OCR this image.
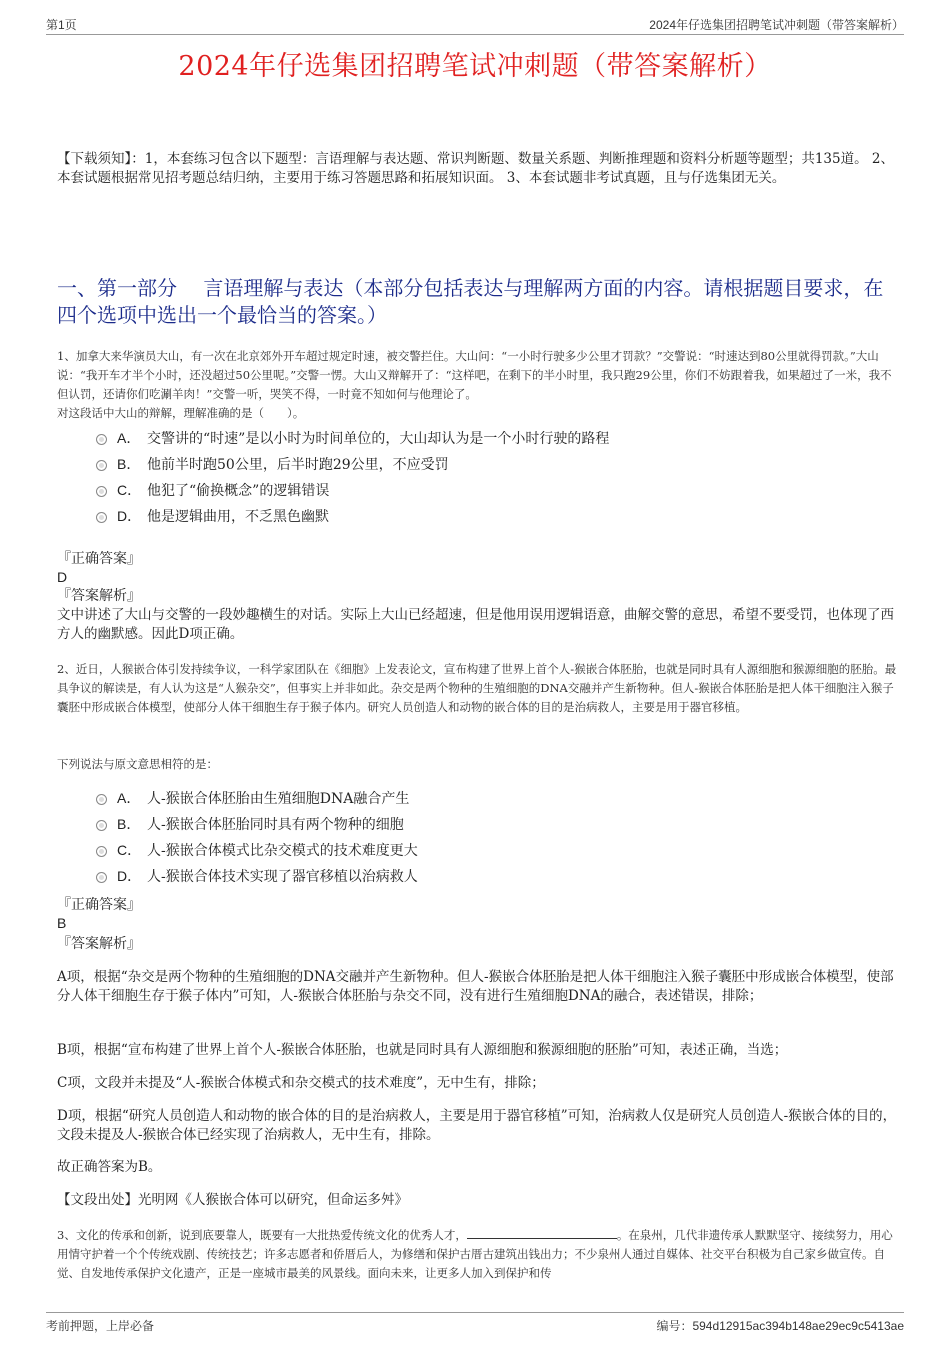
第1页	2024年仔选集团招聘笔试冲刺题（带答案解析）
2024年仔选集团招聘笔试冲刺题（带答案解析）
【下载须知】：1，本套练习包含以下题型：言语理解与表达题、常识判断题、数量关系题、判断推理题和资料分析题等题型；共135道。 2、本套试题根据常见招考题总结归纳，主要用于练习答题思路和拓展知识面。 3、本套试题非考试真题，且与仔选集团无关。
一、第一部分　 言语理解与表达（本部分包括表达与理解两方面的内容。请根据题目要求，在四个选项中选出一个最恰当的答案。）
1、加拿大来华演员大山，有一次在北京郊外开车超过规定时速，被交警拦住。大山问：“一小时行驶多少公里才罚款？”交警说：“时速达到80公里就得罚款。”大山说：“我开车才半个小时，还没超过50公里呢。”交警一愣。大山又辩解开了：“这样吧，在剩下的半小时里，我只跑29公里，你们不妨跟着我，如果超过了一米，我不但认罚，还请你们吃涮羊肉！”交警一听，哭笑不得，一时竟不知如何与他理论了。
对这段话中大山的辩解，理解准确的是（　　）。
A． 交警讲的“时速”是以小时为时间单位的，大山却认为是一个小时行驶的路程
B． 他前半时跑50公里，后半时跑29公里，不应受罚
C． 他犯了“偷换概念”的逻辑错误
D． 他是逻辑曲用，不乏黑色幽默
『正确答案』
D
『答案解析』
文中讲述了大山与交警的一段妙趣横生的对话。实际上大山已经超速，但是他用误用逻辑语意，曲解交警的意思，希望不要受罚，也体现了西方人的幽默感。因此D项正确。
2、近日，人猴嵌合体引发持续争议，一科学家团队在《细胞》上发表论文，宣布构建了世界上首个人-猴嵌合体胚胎，也就是同时具有人源细胞和猴源细胞的胚胎。最具争议的解读是，有人认为这是“人猴杂交”，但事实上并非如此。杂交是两个物种的生殖细胞的DNA交融并产生新物种。但人-猴嵌合体胚胎是把人体干细胞注入猴子囊胚中形成嵌合体模型，使部分人体干细胞生存于猴子体内。研究人员创造人和动物的嵌合体的目的是治病救人，主要是用于器官移植。
下列说法与原文意思相符的是：
A． 人-猴嵌合体胚胎由生殖细胞DNA融合产生
B． 人-猴嵌合体胚胎同时具有两个物种的细胞
C． 人-猴嵌合体模式比杂交模式的技术难度更大
D． 人-猴嵌合体技术实现了器官移植以治病救人
『正确答案』
B
『答案解析』
A项，根据“杂交是两个物种的生殖细胞的DNA交融并产生新物种。但人-猴嵌合体胚胎是把人体干细胞注入猴子囊胚中形成嵌合体模型，使部分人体干细胞生存于猴子体内”可知，人-猴嵌合体胚胎与杂交不同，没有进行生殖细胞DNA的融合，表述错误，排除；
B项，根据“宣布构建了世界上首个人-猴嵌合体胚胎，也就是同时具有人源细胞和猴源细胞的胚胎”可知，表述正确，当选；
C项，文段并未提及“人-猴嵌合体模式和杂交模式的技术难度”，无中生有，排除；
D项，根据“研究人员创造人和动物的嵌合体的目的是治病救人，主要是用于器官移植”可知，治病救人仅是研究人员创造人-猴嵌合体的目的，文段未提及人-猴嵌合体已经实现了治病救人，无中生有，排除。
故正确答案为B。
【文段出处】光明网《人猴嵌合体可以研究，但命运多舛》
3、文化的传承和创新，说到底要靠人，既要有一大批热爱传统文化的优秀人才，	。在泉州，几代非遗传承人默默坚守、接续努力，用心用情守护着一个个传统戏剧、传统技艺；许多志愿者和侨厝后人，为修缮和保护古厝古建筑出钱出力；不少泉州人通过自媒体、社交平台积极为自己家乡做宣传。自觉、自发地传承保护文化遗产，正是一座城市最美的风景线。面向未来，让更多人加入到保护和传
考前押题，上岸必备	编号：594d12915ac394b148ae29ec9c5413ae
